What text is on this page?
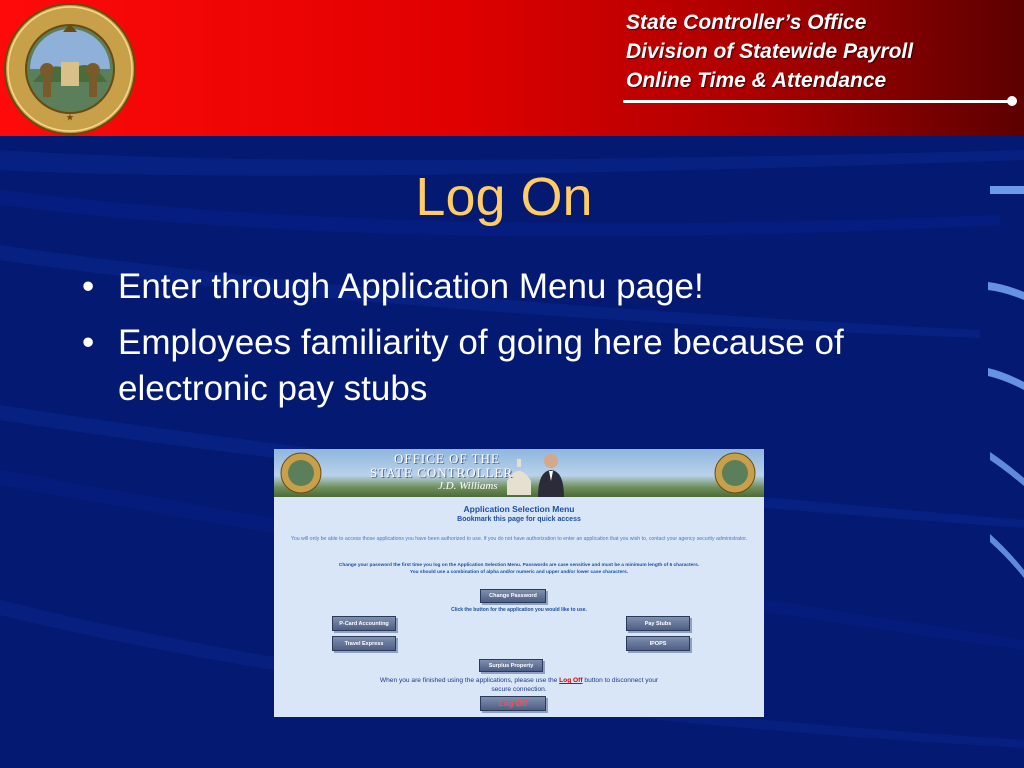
★
State Controller’s Office
Division of Statewide Payroll
Online Time & Attendance
Log On
• Enter through Application Menu page!
• Employees familiarity of going here because of electronic pay stubs
OFFICE OF THE
STATE CONTROLLER
J.D. Williams
Application Selection Menu
Bookmark this page for quick access
You will only be able to access those applications you have been authorized to use. If you do not have authorization to enter an application that you wish to, contact your agency security administrator.
Change your password the first time you log on the Application Selection Menu. Passwords are case sensitive and must be a minimum length of 6 characters. You should use a combination of alpha and/or numeric and upper and/or lower case characters.
Change Password
Click the button for the application you would like to use.
P-Card Accounting
Travel Express
Pay Stubs
IPOPS
Surplus Property
When you are finished using the applications, please use the Log Off button to disconnect your secure connection.
Log Off
